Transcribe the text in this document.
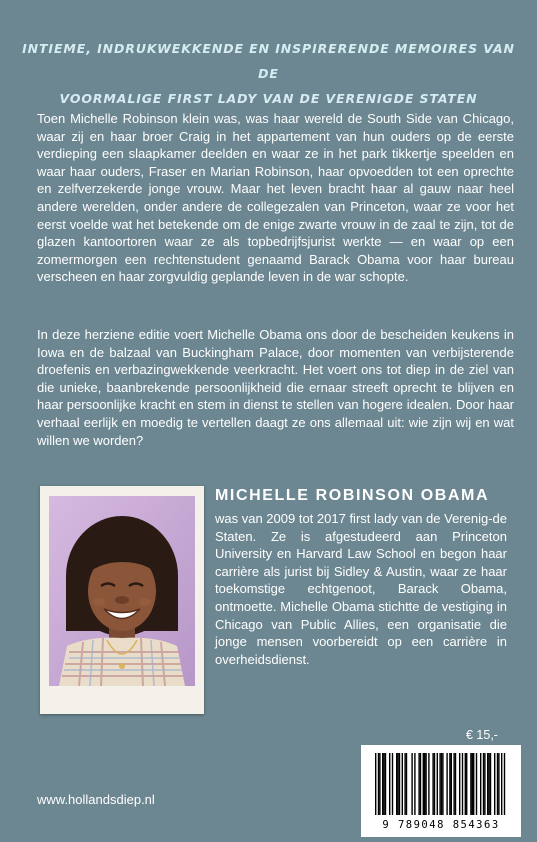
INTIEME, INDRUKWEKKENDE EN INSPIRERENDE MEMOIRES VAN DE
VOORMALIGE FIRST LADY VAN DE VERENIGDE STATEN
Toen Michelle Robinson klein was, was haar wereld de South Side van Chicago, waar zij en haar broer Craig in het appartement van hun ouders op de eerste verdieping een slaapkamer deelden en waar ze in het park tikkertje speelden en waar haar ouders, Fraser en Marian Robinson, haar opvoedden tot een oprechte en zelfverzekerde jonge vrouw. Maar het leven bracht haar al gauw naar heel andere werelden, onder andere de collegezalen van Princeton, waar ze voor het eerst voelde wat het betekende om de enige zwarte vrouw in de zaal te zijn, tot de glazen kantoortoren waar ze als topbedrijfsjurist werkte — en waar op een zomermorgen een rechtenstudent genaamd Barack Obama voor haar bureau verscheen en haar zorgvuldig geplande leven in de war schopte.
In deze herziene editie voert Michelle Obama ons door de bescheiden keukens in Iowa en de balzaal van Buckingham Palace, door momenten van verbijsterende droefenis en verbazingwekkende veerkracht. Het voert ons tot diep in de ziel van die unieke, baanbrekende persoonlijkheid die ernaar streeft oprecht te blijven en haar persoonlijke kracht en stem in dienst te stellen van hogere idealen. Door haar verhaal eerlijk en moedig te vertellen daagt ze ons allemaal uit: wie zijn wij en wat willen we worden?
MICHELLE ROBINSON OBAMA
was van 2009 tot 2017 first lady van de Verenig-de Staten. Ze is afgestudeerd aan Princeton University en Harvard Law School en begon haar carrière als jurist bij Sidley & Austin, waar ze haar toekomstige echtgenoot, Barack Obama, ontmoette. Michelle Obama stichtte de vestiging in Chicago van Public Allies, een organisatie die jonge mensen voorbereidt op een carrière in overheidsdienst.
€ 15,-
9 789048 854363
www.hollandsdiep.nl
